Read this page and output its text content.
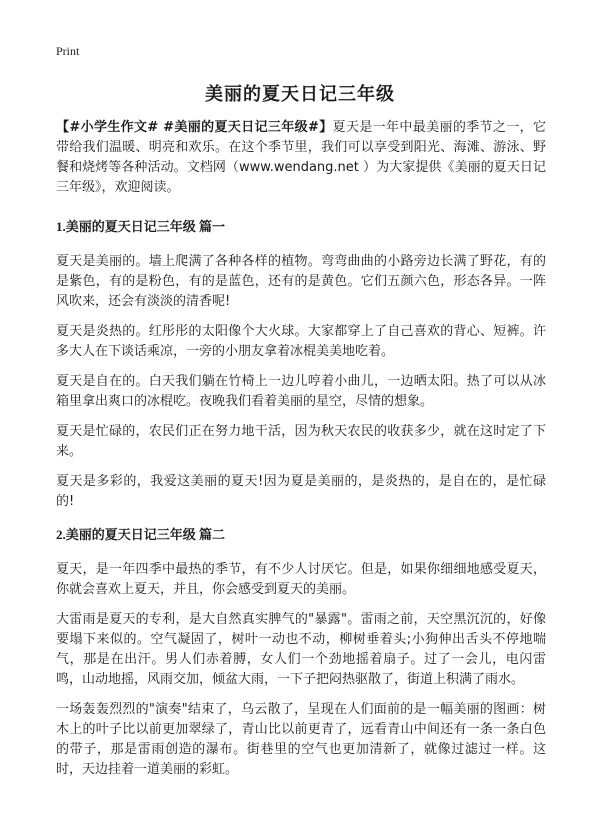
Print
美丽的夏天日记三年级

【#小学生作文# #美丽的夏天日记三年级#】夏天是一年中最美丽的季节之一，它带给我们温暖、明亮和欢乐。在这个季节里，我们可以享受到阳光、海滩、游泳、野餐和烧烤等各种活动。文档网（www.wendang.net ）为大家提供《美丽的夏天日记三年级》，欢迎阅读。

1.美丽的夏天日记三年级 篇一

夏天是美丽的。墙上爬满了各种各样的植物。弯弯曲曲的小路旁边长满了野花，有的是紫色，有的是粉色，有的是蓝色，还有的是黄色。它们五颜六色，形态各异。一阵风吹来，还会有淡淡的清香呢!

夏天是炎热的。红彤彤的太阳像个大火球。大家都穿上了自己喜欢的背心、短裤。许多大人在下谈话乘凉，一旁的小朋友拿着冰棍美美地吃着。

夏天是自在的。白天我们躺在竹椅上一边儿哼着小曲儿，一边晒太阳。热了可以从冰箱里拿出爽口的冰棍吃。夜晚我们看着美丽的星空，尽情的想象。

夏天是忙碌的，农民们正在努力地干活，因为秋天农民的收获多少，就在这时定了下来。

夏天是多彩的，我爱这美丽的夏天!因为夏是美丽的，是炎热的，是自在的，是忙碌的!

2.美丽的夏天日记三年级 篇二

夏天，是一年四季中最热的季节，有不少人讨厌它。但是，如果你细细地感受夏天，你就会喜欢上夏天，并且，你会感受到夏天的美丽。

大雷雨是夏天的专利，是大自然真实脾气的"暴露"。雷雨之前，天空黑沉沉的，好像要塌下来似的。空气凝固了，树叶一动也不动，柳树垂着头;小狗伸出舌头不停地喘气，那是在出汗。男人们赤着膊，女人们一个劲地摇着扇子。过了一会儿，电闪雷鸣，山动地摇，风雨交加，倾盆大雨，一下子把闷热驱散了，街道上积满了雨水。

一场轰轰烈烈的"演奏"结束了，乌云散了，呈现在人们面前的是一幅美丽的图画：树木上的叶子比以前更加翠绿了，青山比以前更青了，远看青山中间还有一条一条白色的带子，那是雷雨创造的瀑布。街巷里的空气也更加清新了，就像过滤过一样。这时，天边挂着一道美丽的彩虹。
